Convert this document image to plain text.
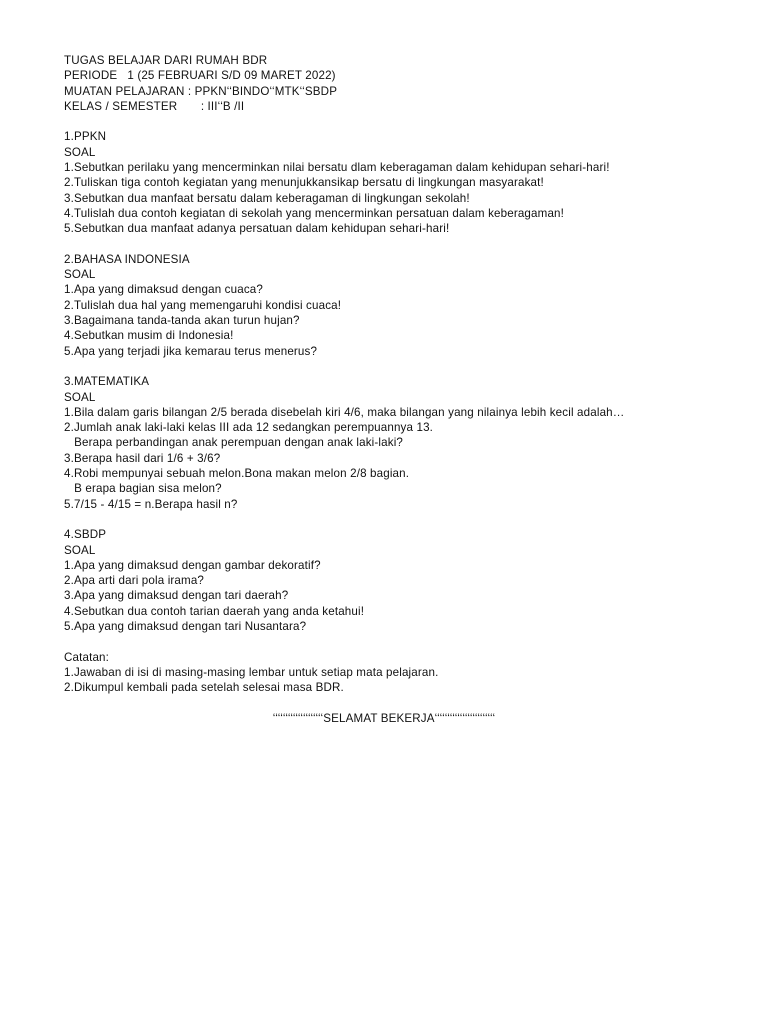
TUGAS BELAJAR DARI RUMAH BDR
PERIODE   1 (25 FEBRUARI S/D 09 MARET 2022)
MUATAN PELAJARAN : PPKN‘‘BINDO‘‘MTK‘‘SBDP
KELAS / SEMESTER       : III‘‘B /II
1.PPKN
SOAL
1.Sebutkan perilaku yang mencerminkan nilai bersatu dlam keberagaman dalam kehidupan sehari-hari!
2.Tuliskan tiga contoh kegiatan yang menunjukkansikap bersatu di lingkungan masyarakat!
3.Sebutkan dua manfaat bersatu dalam keberagaman di lingkungan sekolah!
4.Tulislah dua contoh kegiatan di sekolah yang mencerminkan persatuan dalam keberagaman!
5.Sebutkan dua manfaat adanya persatuan dalam kehidupan sehari-hari!
2.BAHASA INDONESIA
SOAL
1.Apa yang dimaksud dengan cuaca?
2.Tulislah dua hal yang memengaruhi kondisi cuaca!
3.Bagaimana tanda-tanda akan turun hujan?
4.Sebutkan musim di Indonesia!
5.Apa yang terjadi jika kemarau terus menerus?
3.MATEMATIKA
SOAL
1.Bila dalam garis bilangan 2/5 berada disebelah kiri 4/6, maka bilangan yang nilainya lebih kecil adalah…
2.Jumlah anak laki-laki kelas III ada 12 sedangkan perempuannya 13.
Berapa perbandingan anak perempuan dengan anak laki-laki?
3.Berapa hasil dari 1/6 + 3/6?
4.Robi mempunyai sebuah melon.Bona makan melon 2/8 bagian.
B erapa bagian sisa melon?
5.7/15 - 4/15 = n.Berapa hasil n?
4.SBDP
SOAL
1.Apa yang dimaksud dengan gambar dekoratif?
2.Apa arti dari pola irama?
3.Apa yang dimaksud dengan tari daerah?
4.Sebutkan dua contoh tarian daerah yang anda ketahui!
5.Apa yang dimaksud dengan tari Nusantara?
Catatan:
1.Jawaban di isi di masing-masing lembar untuk setiap mata pelajaran.
2.Dikumpul kembali pada setelah selesai masa BDR.
‘‘‘‘‘‘‘‘‘‘‘‘‘‘‘‘‘‘‘‘SELAMAT BEKERJA‘‘‘‘‘‘‘‘‘‘‘‘‘‘‘‘‘‘‘‘‘‘‘‘
